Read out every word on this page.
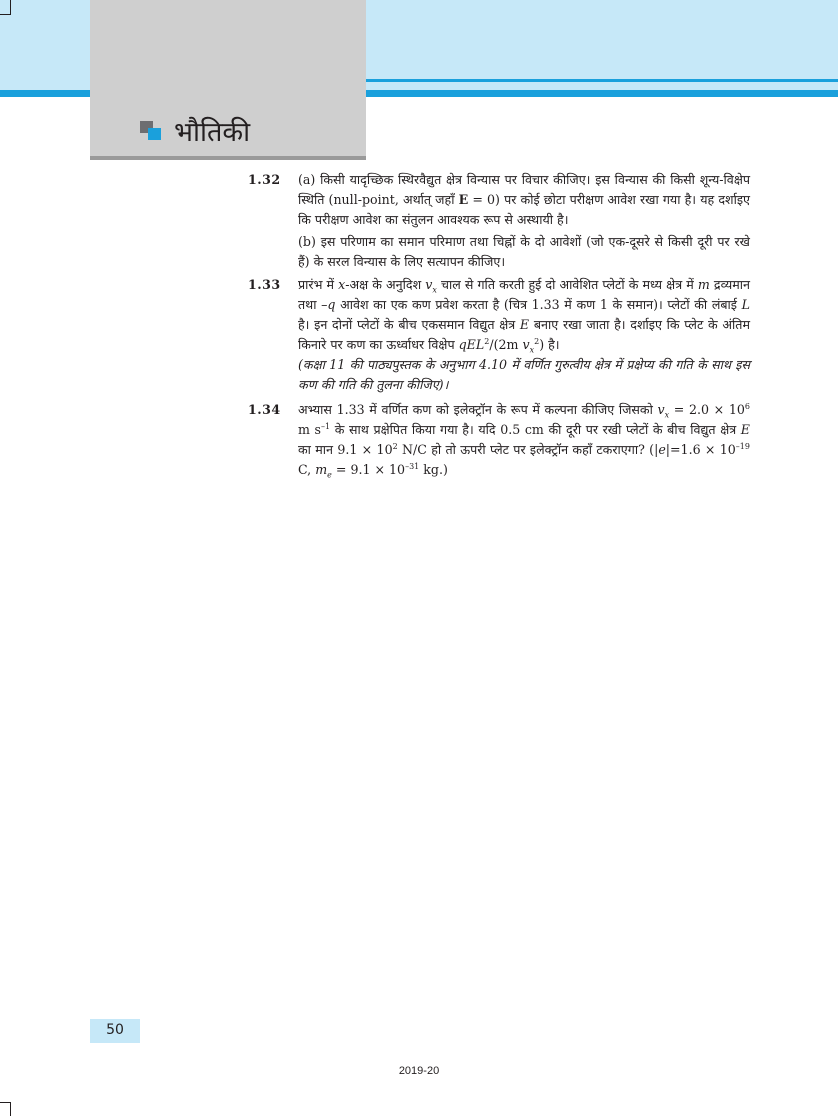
भौतिकी
1.32	(a) किसी यादृच्छिक स्थिरवैद्युत क्षेत्र विन्यास पर विचार कीजिए। इस विन्यास की किसी शून्य-विक्षेप स्थिति (null-point, अर्थात् जहाँ E = 0) पर कोई छोटा परीक्षण आवेश रखा गया है। यह दर्शाइए कि परीक्षण आवेश का संतुलन आवश्यक रूप से अस्थायी है।

(b) इस परिणाम का समान परिमाण तथा चिह्नों के दो आवेशों (जो एक-दूसरे से किसी दूरी पर रखे हैं) के सरल विन्यास के लिए सत्यापन कीजिए।

1.33	प्रारंभ में x-अक्ष के अनुदिश $v_x$ चाल से गति करती हुई दो आवेशित प्लेटों के मध्य क्षेत्र में m द्रव्यमान तथा –q आवेश का एक कण प्रवेश करता है (चित्र 1.33 में कण 1 के समान)। प्लेटों की लंबाई L है। इन दोनों प्लेटों के बीच एकसमान विद्युत क्षेत्र E बनाए रखा जाता है। दर्शाइए कि प्लेट के अंतिम किनारे पर कण का ऊर्ध्वाधर विक्षेप qEL$^2$/(2m $v_x^2$) है।

(कक्षा 11 की पाठ्यपुस्तक के अनुभाग 4.10 में वर्णित गुरुत्वीय क्षेत्र में प्रक्षेप्य की गति के साथ इस कण की गति की तुलना कीजिए)।

1.34	अभ्यास 1.33 में वर्णित कण को इलेक्ट्रॉन के रूप में कल्पना कीजिए जिसको $v_x = 2.0 \times 10^6$ m $s^{-1}$ के साथ प्रक्षेपित किया गया है। यदि 0.5 cm की दूरी पर रखी प्लेटों के बीच विद्युत क्षेत्र E का मान $9.1 \times 10^2$ N/C हो तो ऊपरी प्लेट पर इलेक्ट्रॉन कहाँ टकराएगा? ($|e|=1.6 \times 10^{-19}$ C, $m_e = 9.1 \times 10^{-31}$ kg.)

50
2019-20
